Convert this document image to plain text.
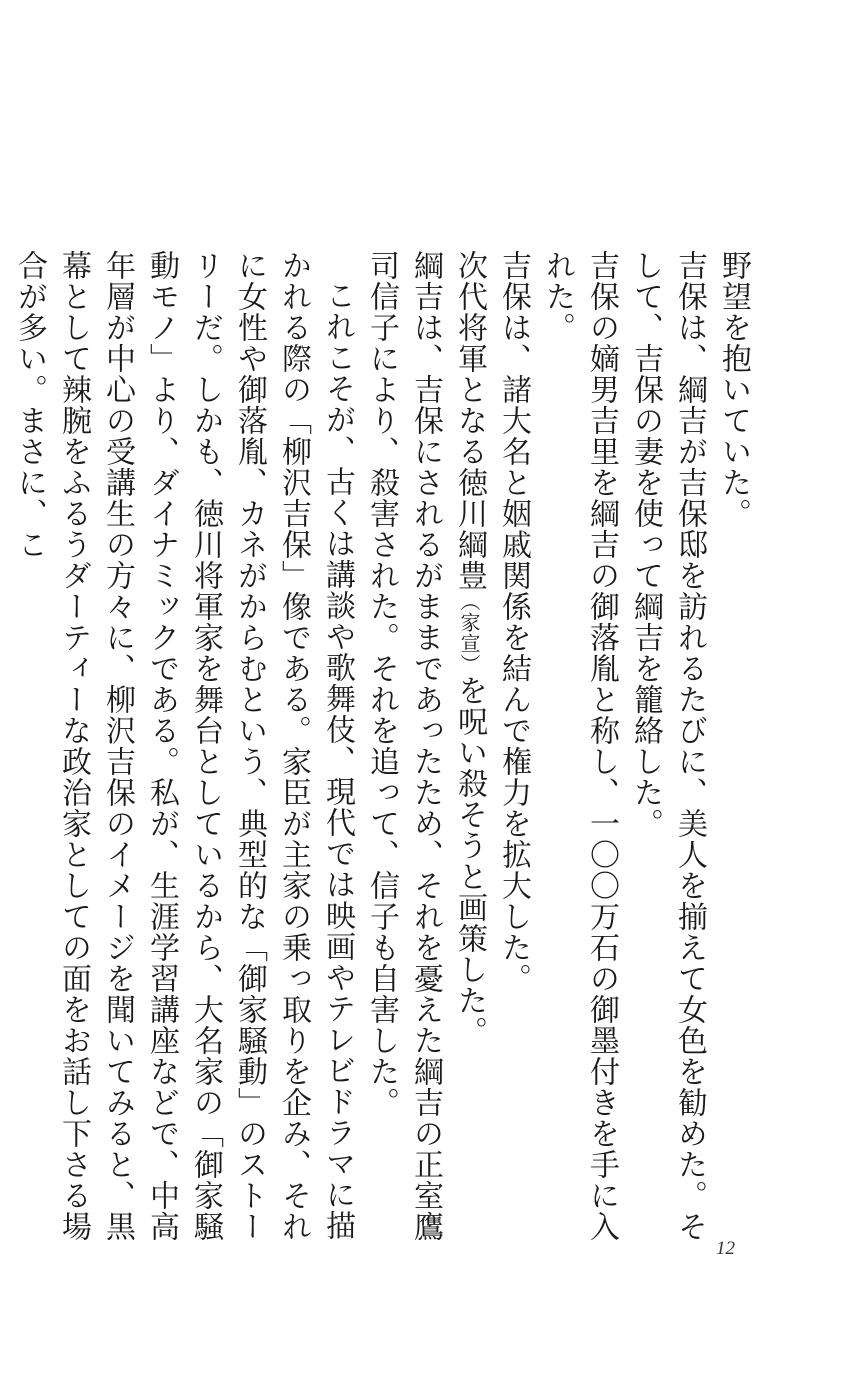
野望を抱いていた。

吉保は、綱吉が吉保邸を訪れるたびに、美人を揃えて女色を勧めた。そして、吉保の妻を使って綱吉を籠絡した。

吉保の嫡男吉里を綱吉の御落胤と称し、一〇〇万石の御墨付きを手に入れた。

吉保は、諸大名と姻戚関係を結んで権力を拡大した。

次代将軍となる徳川綱豊（家宣）を呪い殺そうと画策した。

綱吉は、吉保にされるがままであったため、それを憂えた綱吉の正室鷹司信子により、殺害された。それを追って、信子も自害した。

これこそが、古くは講談や歌舞伎、現代では映画やテレビドラマに描かれる際の「柳沢吉保」像である。家臣が主家の乗っ取りを企み、それに女性や御落胤、カネがからむという、典型的な「御家騒動」のストーリーだ。しかも、徳川将軍家を舞台としているから、大名家の「御家騒動モノ」より、ダイナミックである。私が、生涯学習講座などで、中高年層が中心の受講生の方々に、柳沢吉保のイメージを聞いてみると、黒幕として辣腕をふるうダーティーな政治家としての面をお話し下さる場合が多い。まさに、こ

12
